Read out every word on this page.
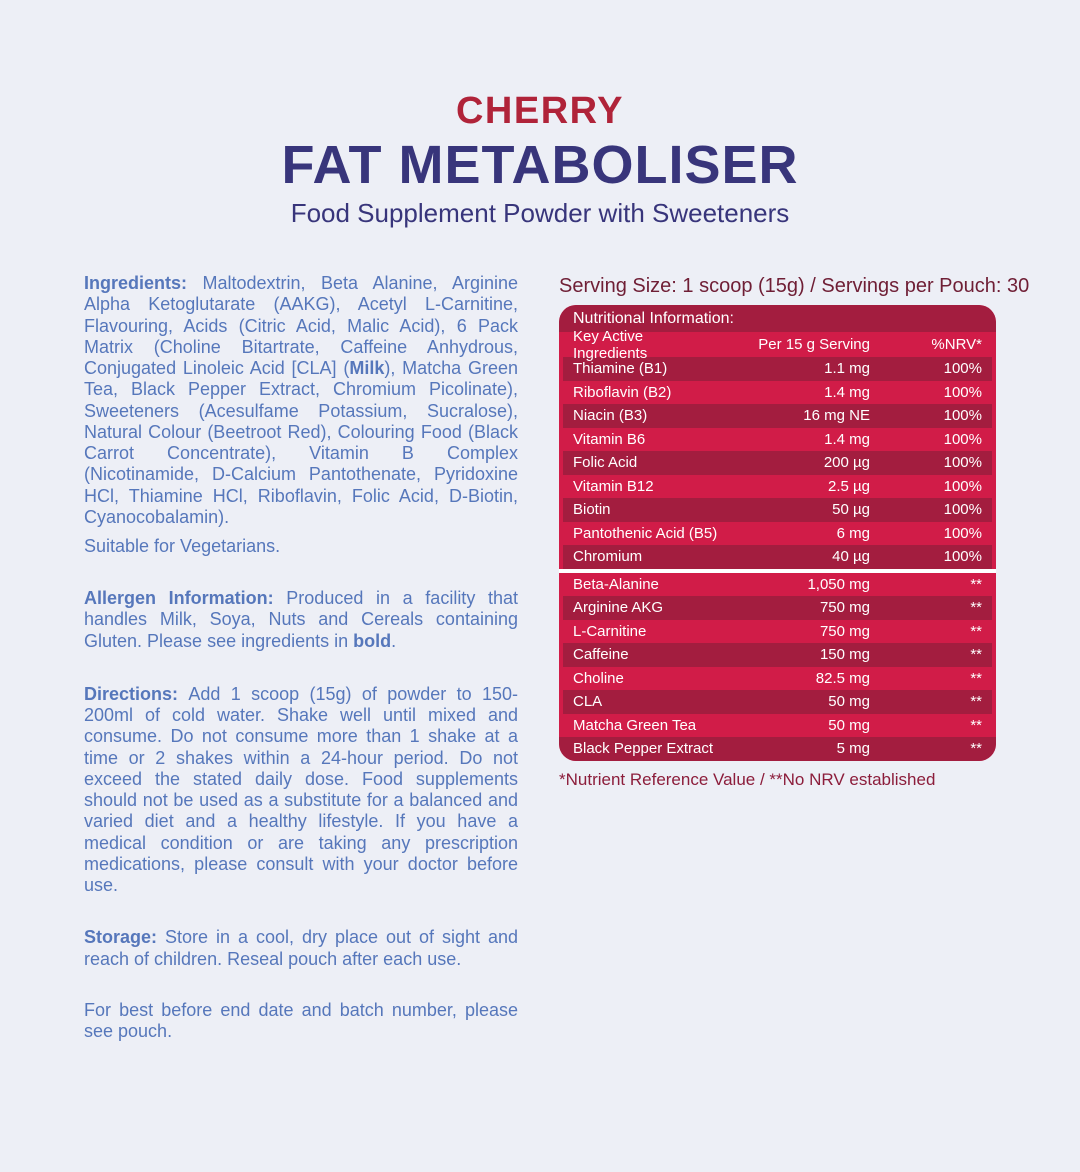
CHERRY
FAT METABOLISER
Food Supplement Powder with Sweeteners

Ingredients: Maltodextrin, Beta Alanine, Arginine Alpha Ketoglutarate (AAKG), Acetyl L-Carnitine, Flavouring, Acids (Citric Acid, Malic Acid), 6 Pack Matrix (Choline Bitartrate, Caffeine Anhydrous, Conjugated Linoleic Acid [CLA] (Milk), Matcha Green Tea, Black Pepper Extract, Chromium Picolinate), Sweeteners (Acesulfame Potassium, Sucralose), Natural Colour (Beetroot Red), Colouring Food (Black Carrot Concentrate), Vitamin B Complex (Nicotinamide, D-Calcium Pantothenate, Pyridoxine HCl, Thiamine HCl, Riboflavin, Folic Acid, D-Biotin, Cyanocobalamin).

Suitable for Vegetarians.

Allergen Information: Produced in a facility that handles Milk, Soya, Nuts and Cereals containing Gluten. Please see ingredients in bold.

Directions: Add 1 scoop (15g) of powder to 150-200ml of cold water. Shake well until mixed and consume. Do not consume more than 1 shake at a time or 2 shakes within a 24-hour period. Do not exceed the stated daily dose. Food supplements should not be used as a substitute for a balanced and varied diet and a healthy lifestyle. If you have a medical condition or are taking any prescription medications, please consult with your doctor before use.

Storage: Store in a cool, dry place out of sight and reach of children. Reseal pouch after each use.

For best before end date and batch number, please see pouch.

Serving Size: 1 scoop (15g) / Servings per Pouch: 30
Nutritional Information:
Key Active Ingredients	Per 15 g Serving	%NRV*
Thiamine (B1)	1.1 mg	100%
Riboflavin (B2)	1.4 mg	100%
Niacin (B3)	16 mg NE	100%
Vitamin B6	1.4 mg	100%
Folic Acid	200 µg	100%
Vitamin B12	2.5 µg	100%
Biotin	50 µg	100%
Pantothenic Acid (B5)	6 mg	100%
Chromium	40 µg	100%
Beta-Alanine	1,050 mg	**
Arginine AKG	750 mg	**
L-Carnitine	750 mg	**
Caffeine	150 mg	**
Choline	82.5 mg	**
CLA	50 mg	**
Matcha Green Tea	50 mg	**
Black Pepper Extract	5 mg	**
*Nutrient Reference Value / **No NRV established
